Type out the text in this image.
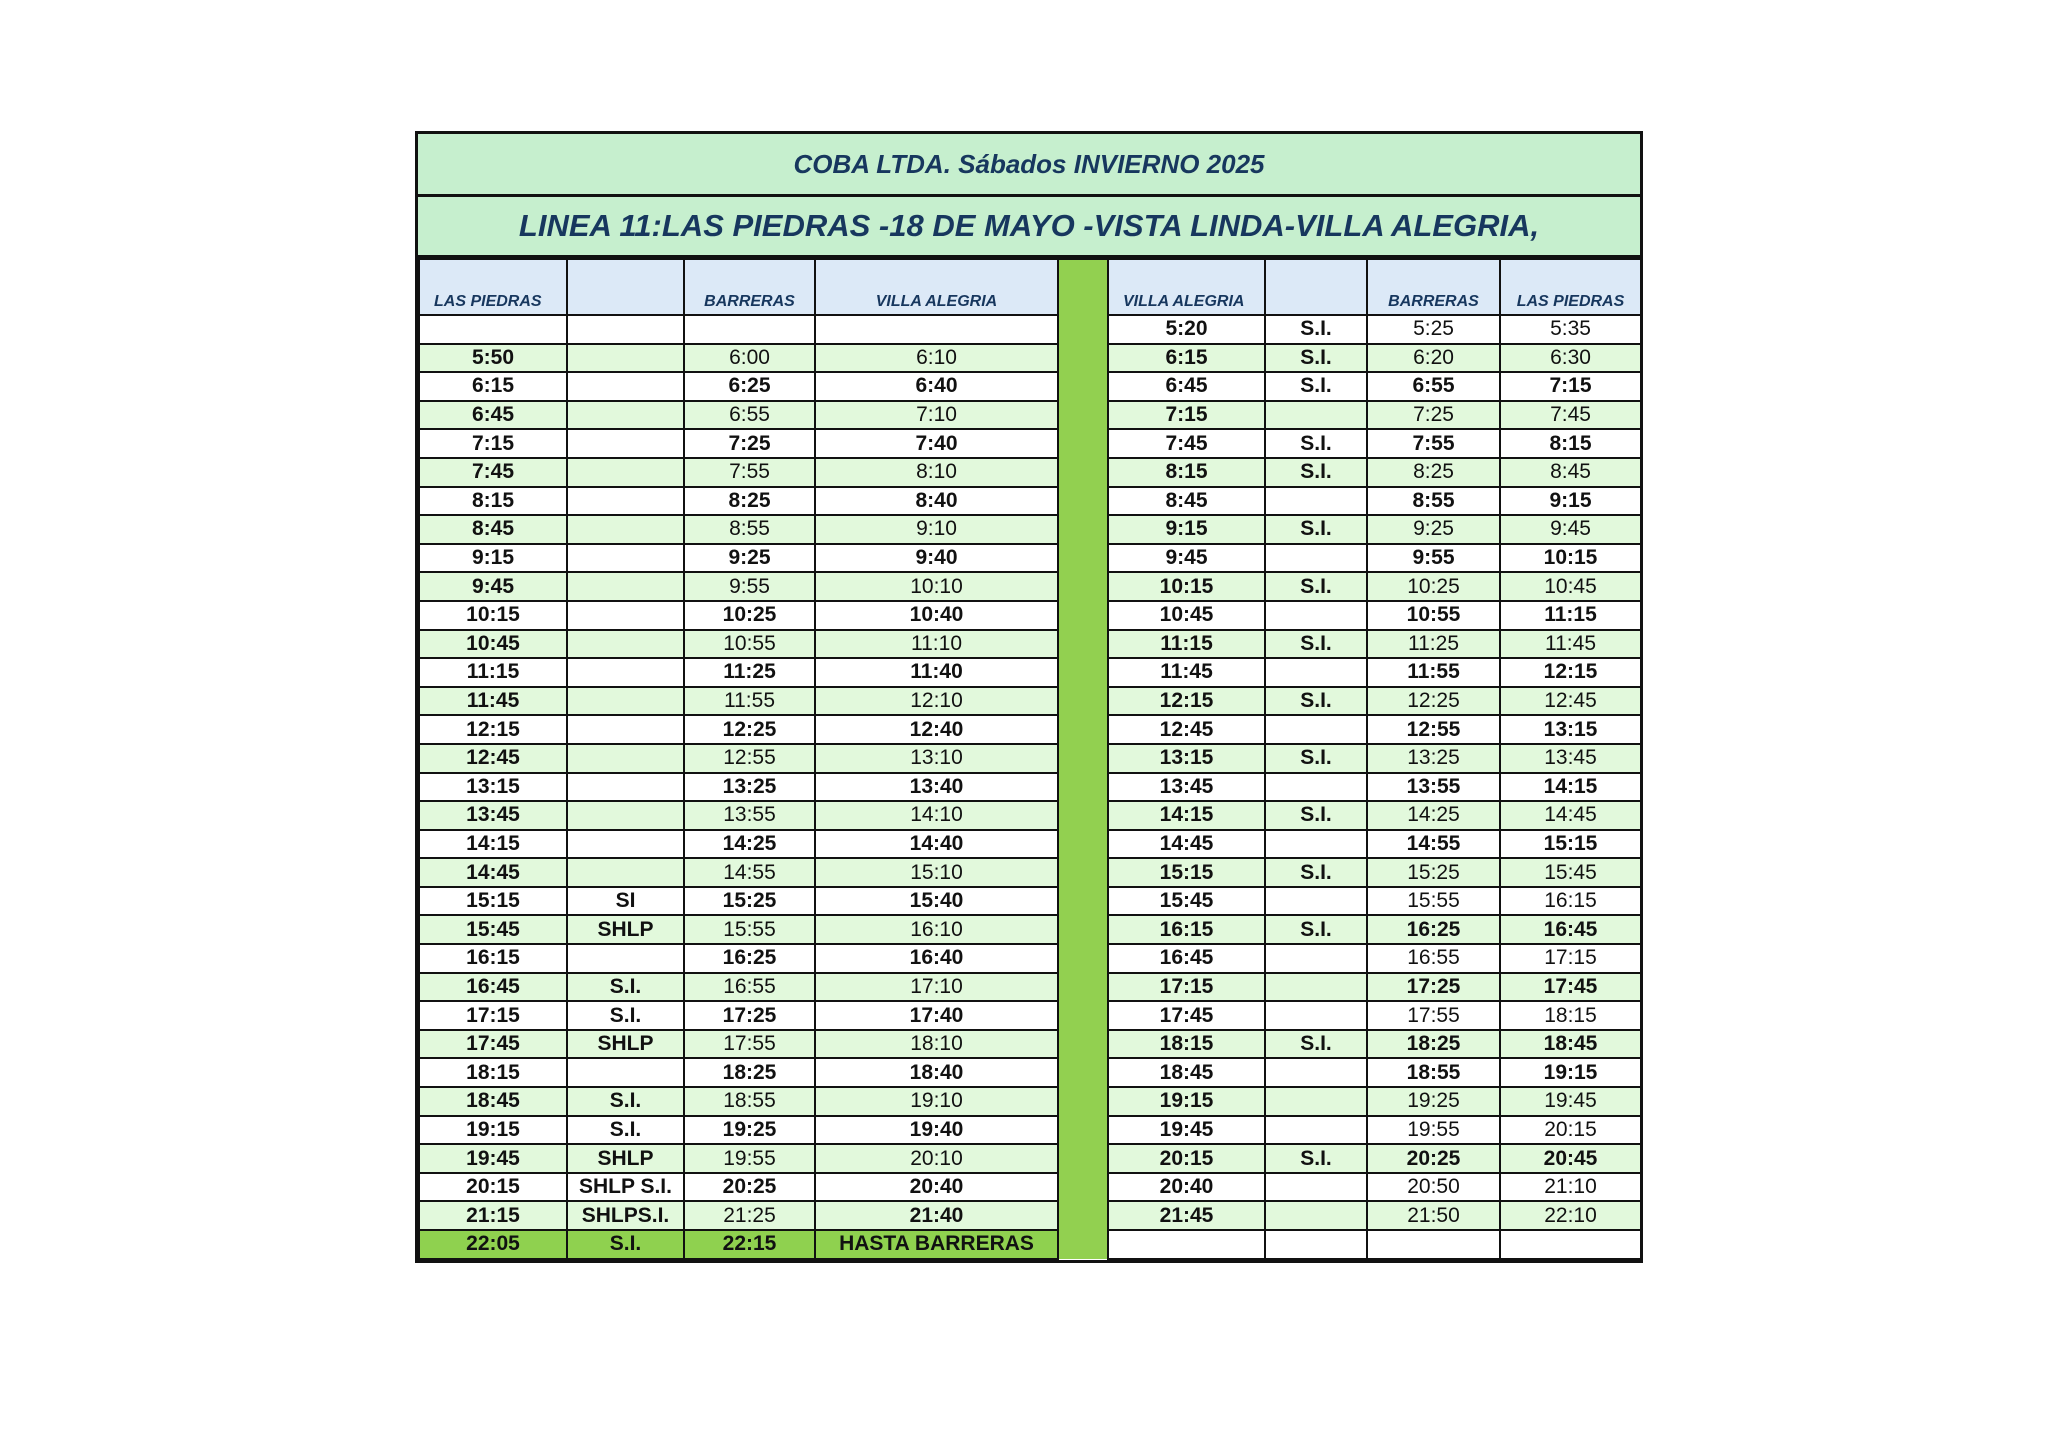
COBA LTDA. Sábados INVIERNO 2025
LINEA 11:LAS PIEDRAS -18 DE MAYO -VISTA LINDA-VILLA ALEGRIA,
LAS PIEDRAS		BARRERAS	VILLA ALEGRIA		VILLA ALEGRIA		BARRERAS	LAS PIEDRAS
					5:20	S.I.	5:25	5:35
5:50		6:00	6:10		6:15	S.I.	6:20	6:30
6:15		6:25	6:40		6:45	S.I.	6:55	7:15
6:45		6:55	7:10		7:15		7:25	7:45
7:15		7:25	7:40		7:45	S.I.	7:55	8:15
7:45		7:55	8:10		8:15	S.I.	8:25	8:45
8:15		8:25	8:40		8:45		8:55	9:15
8:45		8:55	9:10		9:15	S.I.	9:25	9:45
9:15		9:25	9:40		9:45		9:55	10:15
9:45		9:55	10:10		10:15	S.I.	10:25	10:45
10:15		10:25	10:40		10:45		10:55	11:15
10:45		10:55	11:10		11:15	S.I.	11:25	11:45
11:15		11:25	11:40		11:45		11:55	12:15
11:45		11:55	12:10		12:15	S.I.	12:25	12:45
12:15		12:25	12:40		12:45		12:55	13:15
12:45		12:55	13:10		13:15	S.I.	13:25	13:45
13:15		13:25	13:40		13:45		13:55	14:15
13:45		13:55	14:10		14:15	S.I.	14:25	14:45
14:15		14:25	14:40		14:45		14:55	15:15
14:45		14:55	15:10		15:15	S.I.	15:25	15:45
15:15	SI	15:25	15:40		15:45		15:55	16:15
15:45	SHLP	15:55	16:10		16:15	S.I.	16:25	16:45
16:15		16:25	16:40		16:45		16:55	17:15
16:45	S.I.	16:55	17:10		17:15		17:25	17:45
17:15	S.I.	17:25	17:40		17:45		17:55	18:15
17:45	SHLP	17:55	18:10		18:15	S.I.	18:25	18:45
18:15		18:25	18:40		18:45		18:55	19:15
18:45	S.I.	18:55	19:10		19:15		19:25	19:45
19:15	S.I.	19:25	19:40		19:45		19:55	20:15
19:45	SHLP	19:55	20:10		20:15	S.I.	20:25	20:45
20:15	SHLP S.I.	20:25	20:40		20:40		20:50	21:10
21:15	SHLPS.I.	21:25	21:40		21:45		21:50	22:10
22:05	S.I.	22:15	HASTA BARRERAS					
